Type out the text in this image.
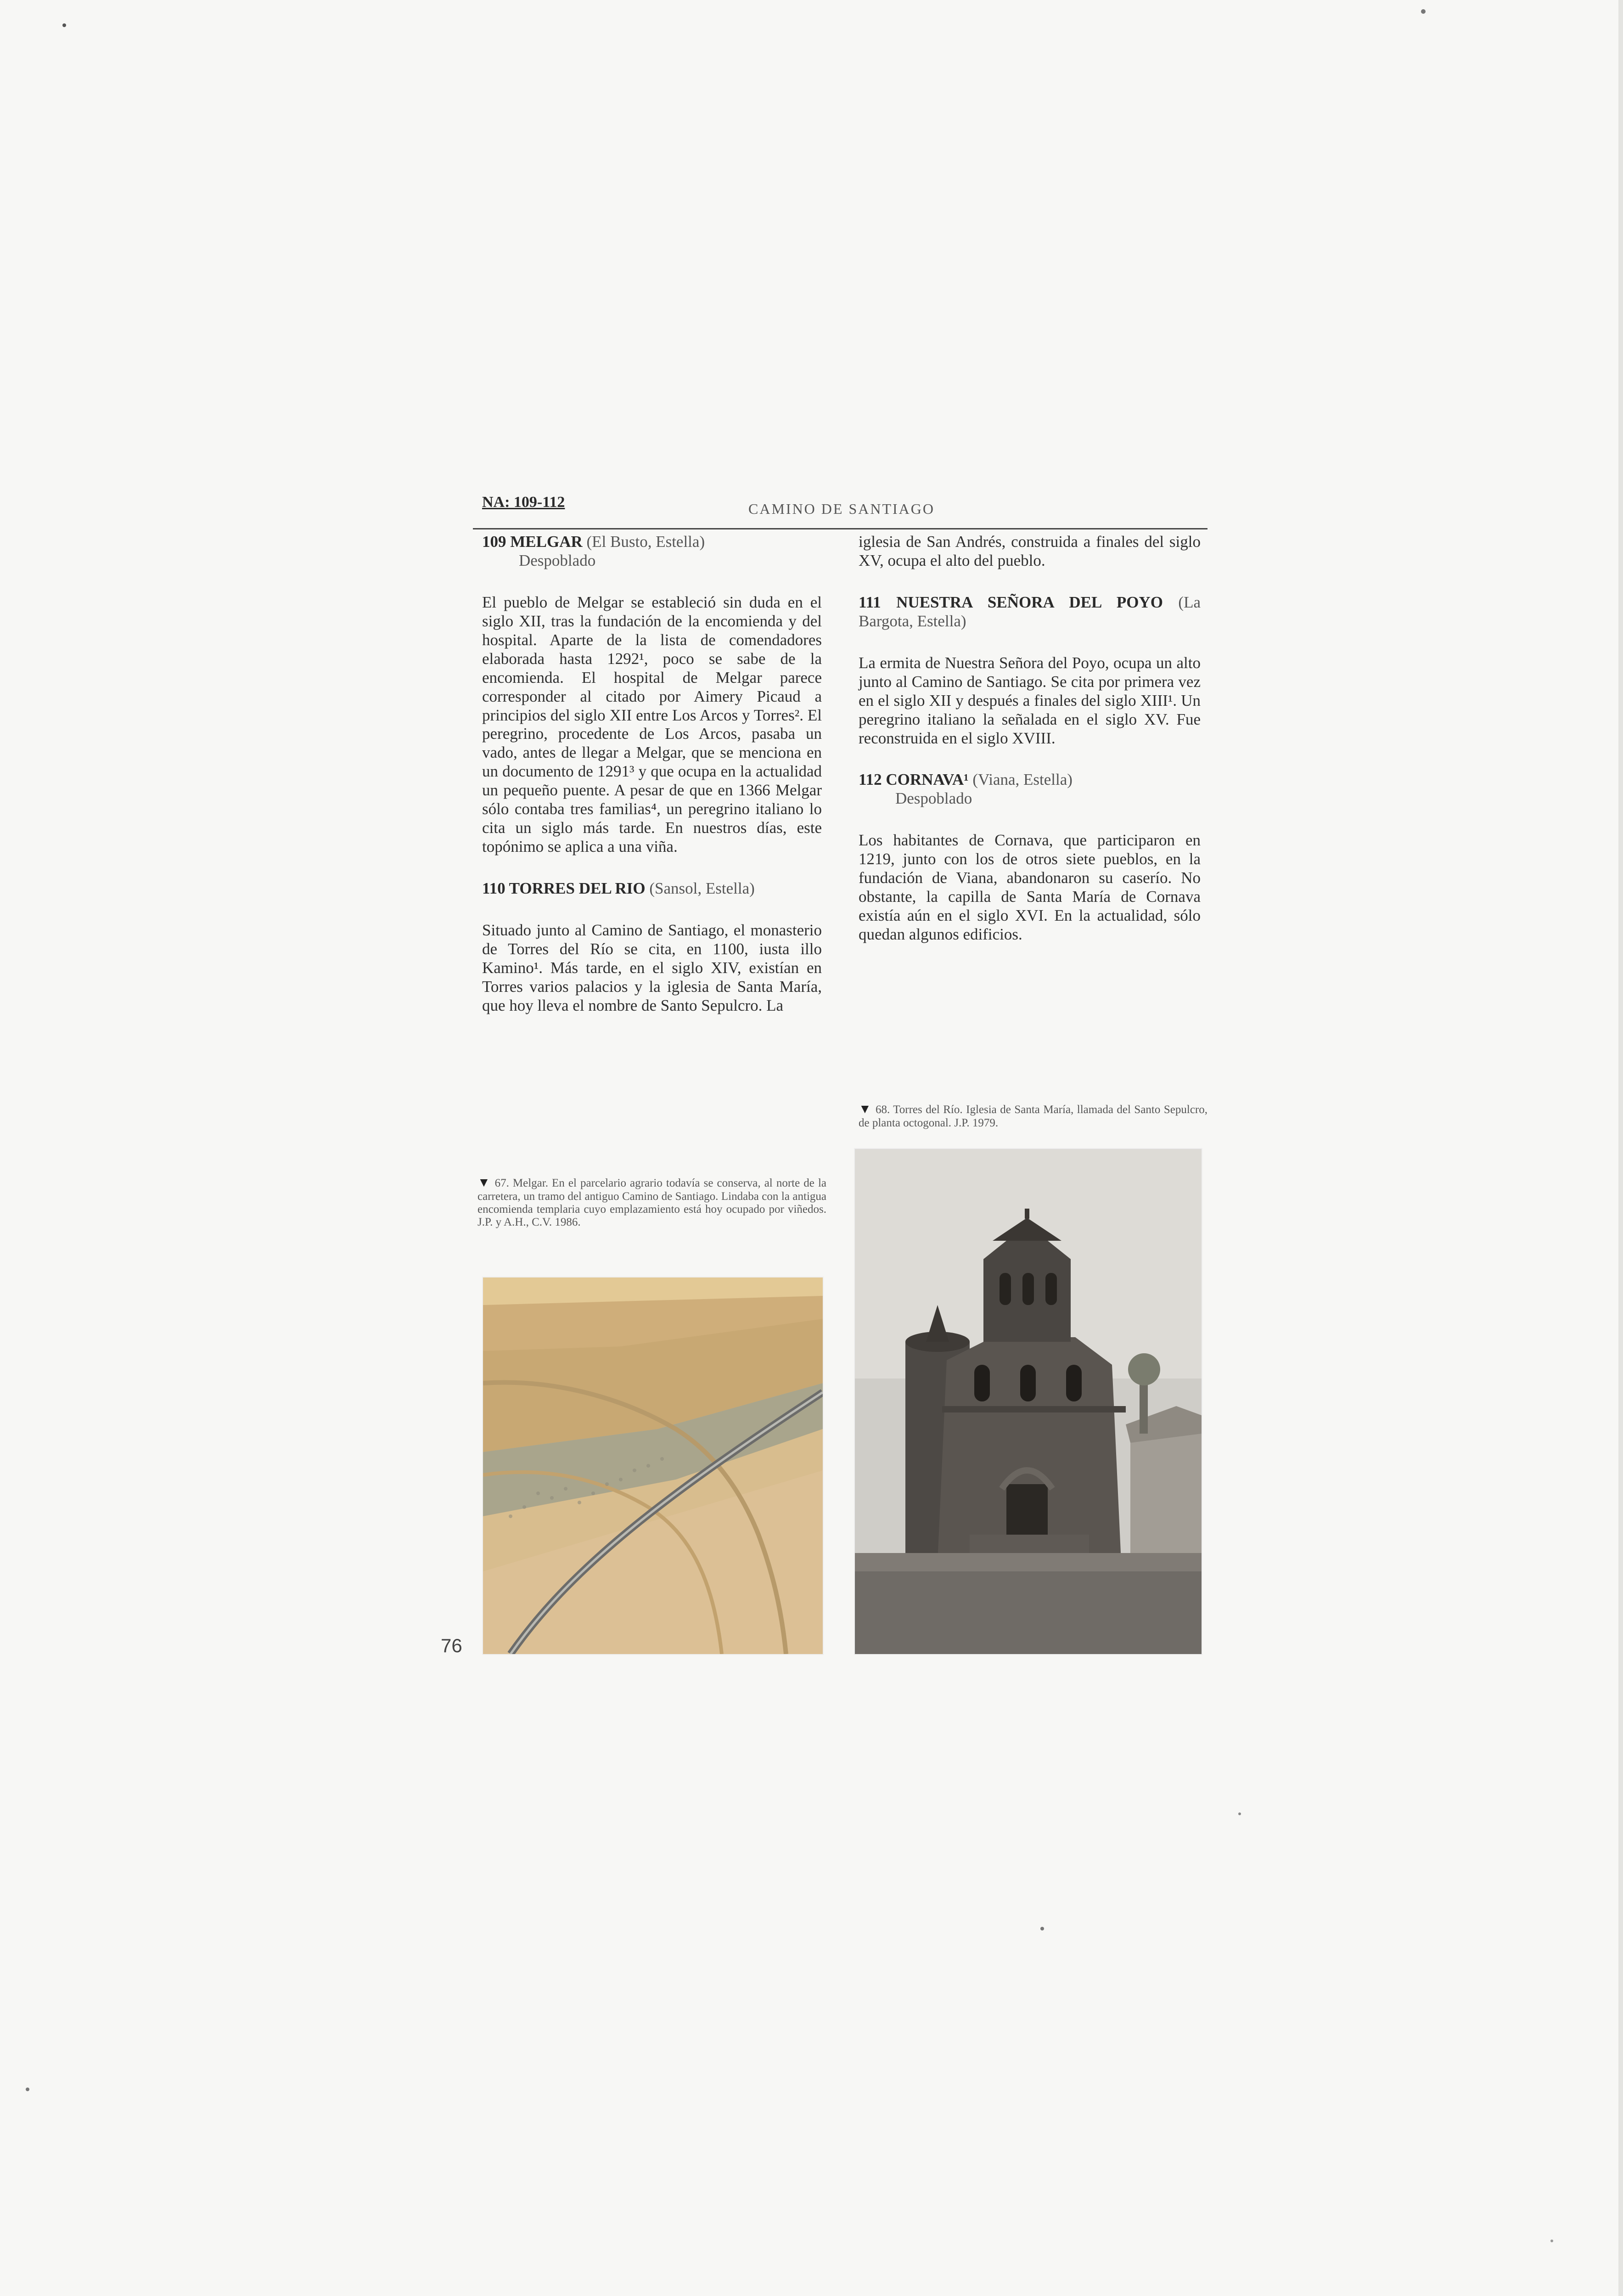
NA: 109-112	CAMINO DE SANTIAGO
109 MELGAR (El Busto, Estella)
Despoblado

El pueblo de Melgar se estableció sin duda en el siglo XII, tras la fundación de la encomienda y del hospital. Aparte de la lista de comendadores elaborada hasta 1292¹, poco se sabe de la encomienda. El hospital de Melgar parece corresponder al citado por Aimery Picaud a principios del siglo XII entre Los Arcos y Torres². El peregrino, procedente de Los Arcos, pasaba un vado, antes de llegar a Melgar, que se menciona en un documento de 1291³ y que ocupa en la actualidad un pequeño puente. A pesar de que en 1366 Melgar sólo contaba tres familias⁴, un peregrino italiano lo cita un siglo más tarde. En nuestros días, este topónimo se aplica a una viña.

110 TORRES DEL RIO (Sansol, Estella)

Situado junto al Camino de Santiago, el monasterio de Torres del Río se cita, en 1100, iusta illo Kamino¹. Más tarde, en el siglo XIV, existían en Torres varios palacios y la iglesia de Santa María, que hoy lleva el nombre de Santo Sepulcro. La

iglesia de San Andrés, construida a finales del siglo XV, ocupa el alto del pueblo.

111 NUESTRA SEÑORA DEL POYO (La Bargota, Estella)

La ermita de Nuestra Señora del Poyo, ocupa un alto junto al Camino de Santiago. Se cita por primera vez en el siglo XII y después a finales del siglo XIII¹. Un peregrino italiano la señalada en el siglo XV. Fue reconstruida en el siglo XVIII.

112 CORNAVA¹ (Viana, Estella)
Despoblado

Los habitantes de Cornava, que participaron en 1219, junto con los de otros siete pueblos, en la fundación de Viana, abandonaron su caserío. No obstante, la capilla de Santa María de Cornava existía aún en el siglo XVI. En la actualidad, sólo quedan algunos edificios.

▼ 68. Torres del Río. Iglesia de Santa María, llamada del Santo Sepulcro, de planta octogonal. J.P. 1979.
▼ 67. Melgar. En el parcelario agrario todavía se conserva, al norte de la carretera, un tramo del antiguo Camino de Santiago. Lindaba con la antigua encomienda templaria cuyo emplazamiento está hoy ocupado por viñedos. J.P. y A.H., C.V. 1986.
76
